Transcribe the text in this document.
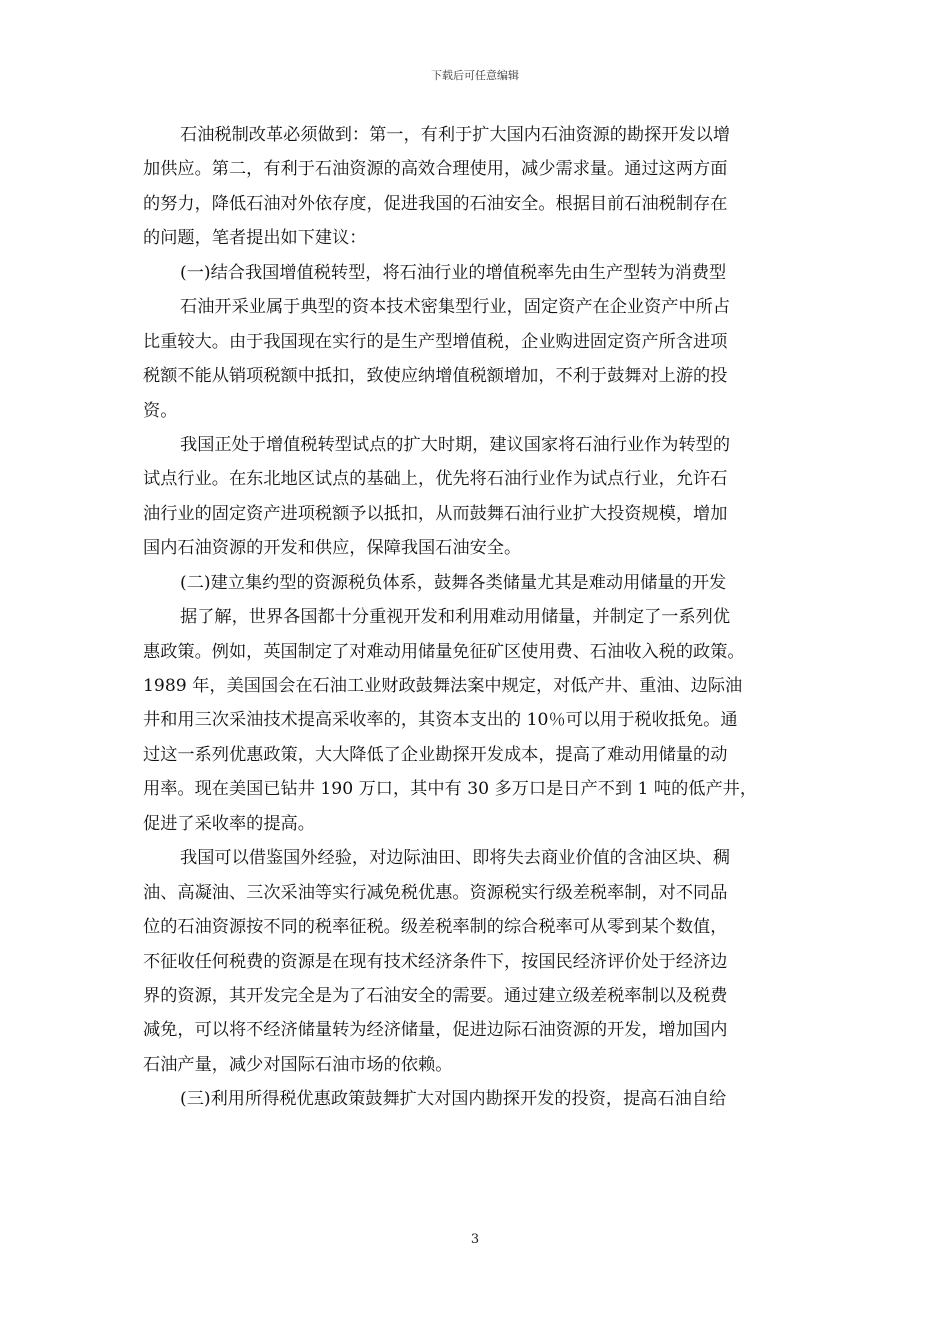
下载后可任意编辑
石油税制改革必须做到：第一，有利于扩大国内石油资源的勘探开发以增
加供应。第二，有利于石油资源的高效合理使用，减少需求量。通过这两方面
的努力，降低石油对外依存度，促进我国的石油安全。根据目前石油税制存在
的问题，笔者提出如下建议：
(一)结合我国增值税转型，将石油行业的增值税率先由生产型转为消费型
石油开采业属于典型的资本技术密集型行业，固定资产在企业资产中所占
比重较大。由于我国现在实行的是生产型增值税，企业购进固定资产所含进项
税额不能从销项税额中抵扣，致使应纳增值税额增加，不利于鼓舞对上游的投
资。
我国正处于增值税转型试点的扩大时期，建议国家将石油行业作为转型的
试点行业。在东北地区试点的基础上，优先将石油行业作为试点行业，允许石
油行业的固定资产进项税额予以抵扣，从而鼓舞石油行业扩大投资规模，增加
国内石油资源的开发和供应，保障我国石油安全。
(二)建立集约型的资源税负体系，鼓舞各类储量尤其是难动用储量的开发
据了解，世界各国都十分重视开发和利用难动用储量，并制定了一系列优
惠政策。例如，英国制定了对难动用储量免征矿区使用费、石油收入税的政策。
1989 年，美国国会在石油工业财政鼓舞法案中规定，对低产井、重油、边际油
井和用三次采油技术提高采收率的，其资本支出的 10％可以用于税收抵免。通
过这一系列优惠政策，大大降低了企业勘探开发成本，提高了难动用储量的动
用率。现在美国已钻井 190 万口，其中有 30 多万口是日产不到 1 吨的低产井，
促进了采收率的提高。
我国可以借鉴国外经验，对边际油田、即将失去商业价值的含油区块、稠
油、高凝油、三次采油等实行减免税优惠。资源税实行级差税率制，对不同品
位的石油资源按不同的税率征税。级差税率制的综合税率可从零到某个数值，
不征收任何税费的资源是在现有技术经济条件下，按国民经济评价处于经济边
界的资源，其开发完全是为了石油安全的需要。通过建立级差税率制以及税费
减免，可以将不经济储量转为经济储量，促进边际石油资源的开发，增加国内
石油产量，减少对国际石油市场的依赖。
(三)利用所得税优惠政策鼓舞扩大对国内勘探开发的投资，提高石油自给
3
